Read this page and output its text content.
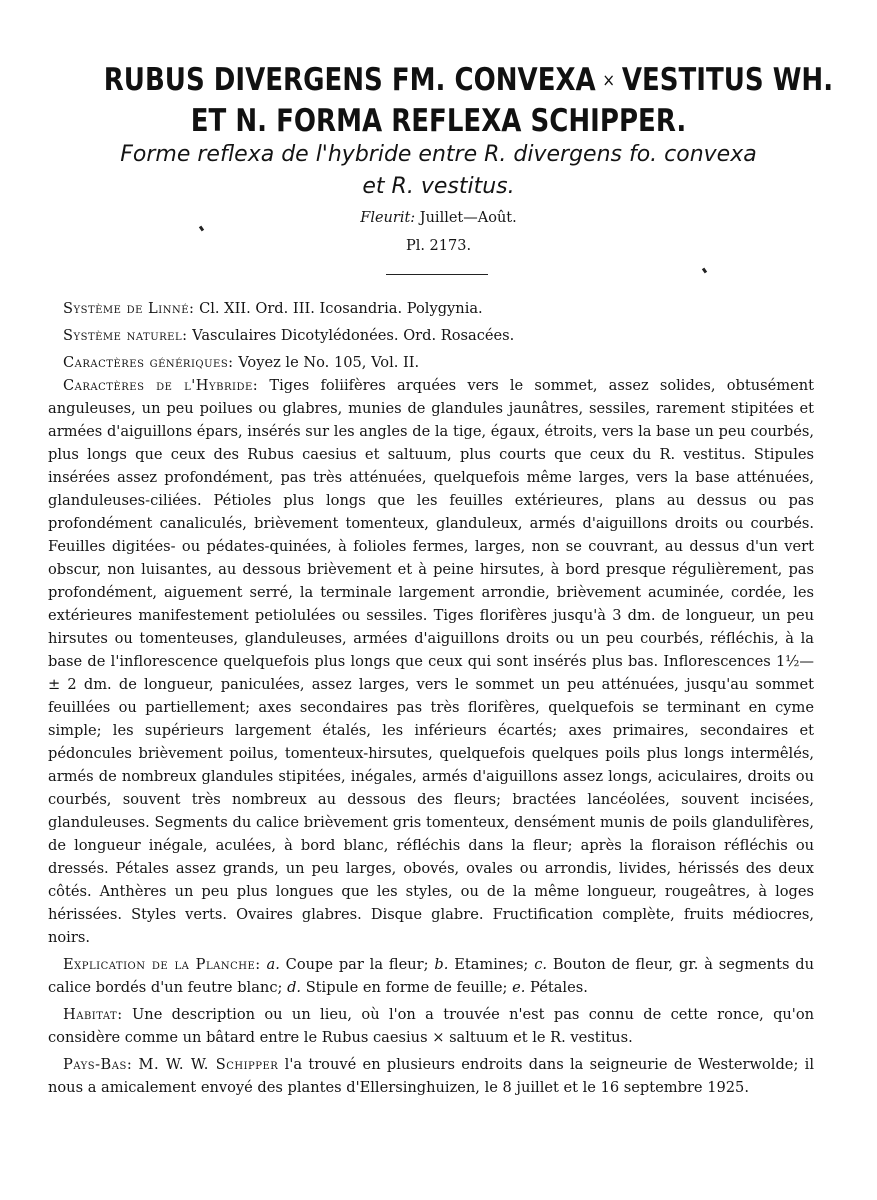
RUBUS DIVERGENS FM. CONVEXA × VESTITUS WH.
ET N. FORMA REFLEXA SCHIPPER.
Forme reflexa de l'hybride entre R. divergens fo. convexa
et R. vestitus.
Fleurit: Juillet—Août.
Pl. 2173.

Système de Linné: Cl. XII. Ord. III. Icosandria. Polygynia.

Système naturel: Vasculaires Dicotylédonées. Ord. Rosacées.

Caractères génériques: Voyez le No. 105, Vol. II.

Caractères de l'Hybride: Tiges foliifères arquées vers le sommet, assez solides, obtusément anguleuses, un peu poilues ou glabres, munies de glandules jaunâtres, sessiles, rarement stipitées et armées d'aiguillons épars, insérés sur les angles de la tige, égaux, étroits, vers la base un peu courbés, plus longs que ceux des Rubus caesius et saltuum, plus courts que ceux du R. vestitus. Stipules insérées assez profondément, pas très atténuées, quelquefois même larges, vers la base atténuées, glanduleuses-ciliées. Pétioles plus longs que les feuilles extérieures, plans au dessus ou pas profondément canaliculés, brièvement tomenteux, glanduleux, armés d'aiguillons droits ou courbés. Feuilles digitées- ou pédates-quinées, à folioles fermes, larges, non se couvrant, au dessus d'un vert obscur, non luisantes, au dessous brièvement et à peine hirsutes, à bord presque régulièrement, pas profondément, aiguement serré, la terminale largement arrondie, brièvement acuminée, cordée, les extérieures manifestement petiolulées ou sessiles. Tiges florifères jusqu'à 3 dm. de longueur, un peu hirsutes ou tomenteuses, glanduleuses, armées d'aiguillons droits ou un peu courbés, réfléchis, à la base de l'inflorescence quelquefois plus longs que ceux qui sont insérés plus bas. Inflorescences 1½—± 2 dm. de longueur, paniculées, assez larges, vers le sommet un peu atténuées, jusqu'au sommet feuillées ou partiellement; axes secondaires pas très florifères, quelquefois se terminant en cyme simple; les supérieurs largement étalés, les inférieurs écartés; axes primaires, secondaires et pédoncules brièvement poilus, tomenteux-hirsutes, quelquefois quelques poils plus longs intermêlés, armés de nombreux glandules stipitées, inégales, armés d'aiguillons assez longs, aciculaires, droits ou courbés, souvent très nombreux au dessous des fleurs; bractées lancéolées, souvent incisées, glanduleuses. Segments du calice brièvement gris tomenteux, densément munis de poils glandulifères, de longueur inégale, aculées, à bord blanc, réfléchis dans la fleur; après la floraison réfléchis ou dressés. Pétales assez grands, un peu larges, obovés, ovales ou arrondis, livides, hérissés des deux côtés. Anthères un peu plus longues que les styles, ou de la même longueur, rougeâtres, à loges hérissées. Styles verts. Ovaires glabres. Disque glabre. Fructification complète, fruits médiocres, noirs.

Explication de la Planche: a. Coupe par la fleur; b. Etamines; c. Bouton de fleur, gr. à segments du calice bordés d'un feutre blanc; d. Stipule en forme de feuille; e. Pétales.

Habitat: Une description ou un lieu, où l'on a trouvée n'est pas connu de cette ronce, qu'on considère comme un bâtard entre le Rubus caesius × saltuum et le R. vestitus.

Pays-Bas: M. W. W. Schipper l'a trouvé en plusieurs endroits dans la seigneurie de Westerwolde; il nous a amicalement envoyé des plantes d'Ellersinghuizen, le 8 juillet et le 16 septembre 1925.
